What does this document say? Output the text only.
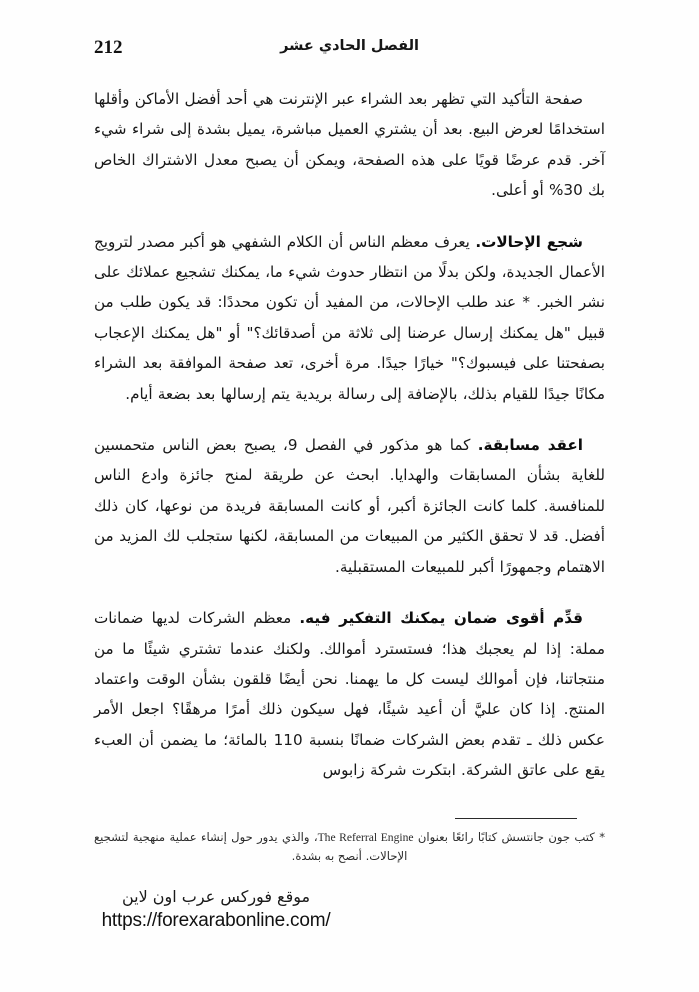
الفصل الحادي عشر
212

صفحة التأكيد التي تظهر بعد الشراء عبر الإنترنت هي أحد أفضل الأماكن وأقلها استخدامًا لعرض البيع. بعد أن يشتري العميل مباشرة، يميل بشدة إلى شراء شيء آخر. قدم عرضًا قويًا على هذه الصفحة، ويمكن أن يصبح معدل الاشتراك الخاص بك 30% أو أعلى.

شجع الإحالات. يعرف معظم الناس أن الكلام الشفهي هو أكبر مصدر لترويج الأعمال الجديدة، ولكن بدلًا من انتظار حدوث شيء ما، يمكنك تشجيع عملائك على نشر الخبر. * عند طلب الإحالات، من المفيد أن تكون محددًا: قد يكون طلب من قبيل "هل يمكنك إرسال عرضنا إلى ثلاثة من أصدقائك؟" أو "هل يمكنك الإعجاب بصفحتنا على فيسبوك؟" خيارًا جيدًا. مرة أخرى، تعد صفحة الموافقة بعد الشراء مكانًا جيدًا للقيام بذلك، بالإضافة إلى رسالة بريدية يتم إرسالها بعد بضعة أيام.

اعقد مسابقة. كما هو مذكور في الفصل 9، يصبح بعض الناس متحمسين للغاية بشأن المسابقات والهدايا. ابحث عن طريقة لمنح جائزة وادع الناس للمنافسة. كلما كانت الجائزة أكبر، أو كانت المسابقة فريدة من نوعها، كان ذلك أفضل. قد لا تحقق الكثير من المبيعات من المسابقة، لكنها ستجلب لك المزيد من الاهتمام وجمهورًا أكبر للمبيعات المستقبلية.

قدِّم أقوى ضمان يمكنك التفكير فيه. معظم الشركات لديها ضمانات مملة: إذا لم يعجبك هذا؛ فستسترد أموالك. ولكنك عندما تشتري شيئًا ما من منتجاتنا، فإن أموالك ليست كل ما يهمنا. نحن أيضًا قلقون بشأن الوقت واعتماد المنتج. إذا كان عليَّ أن أعيد شيئًا، فهل سيكون ذلك أمرًا مرهقًا؟ اجعل الأمر عكس ذلك ـ تقدم بعض الشركات ضمانًا بنسبة 110 بالمائة؛ ما يضمن أن العبء يقع على عاتق الشركة. ابتكرت شركة زابوس

* كتب جون جانتسش كتابًا رائعًا بعنوان The Referral Engine، والذي يدور حول إنشاء عملية منهجية لتشجيع الإحالات. أنصح به بشدة.

موقع فوركس عرب اون لاين
https://forexarabonline.com/
